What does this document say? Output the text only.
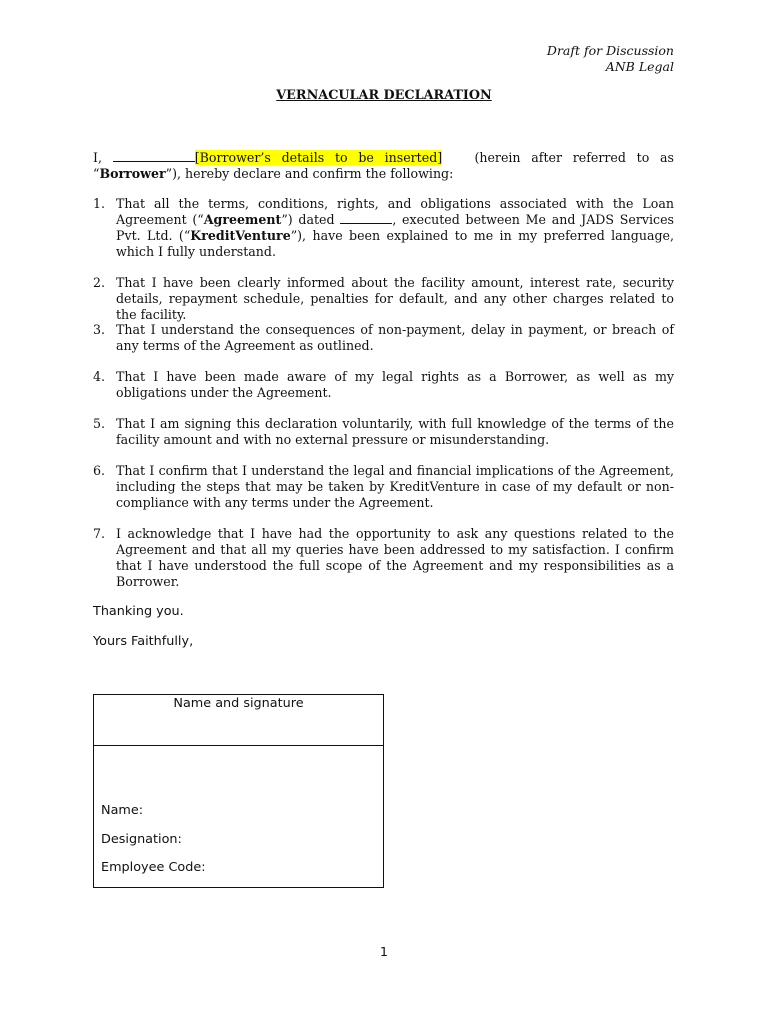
Draft for Discussion
ANB Legal
VERNACULAR DECLARATION
I,	[Borrower’s details to be inserted]	(herein after referred to as “Borrower”), hereby declare and confirm the following:
1. That all the terms, conditions, rights, and obligations associated with the Loan Agreement (“Agreement”) dated	, executed between Me and JADS Services Pvt. Ltd. (“KreditVenture”), have been explained to me in my preferred language, which I fully understand.
2. That I have been clearly informed about the facility amount, interest rate, security details, repayment schedule, penalties for default, and any other charges related to the facility.
3. That I understand the consequences of non-payment, delay in payment, or breach of any terms of the Agreement as outlined.
4. That I have been made aware of my legal rights as a Borrower, as well as my obligations under the Agreement.
5. That I am signing this declaration voluntarily, with full knowledge of the terms of the facility amount and with no external pressure or misunderstanding.
6. That I confirm that I understand the legal and financial implications of the Agreement, including the steps that may be taken by KreditVenture in case of my default or non-compliance with any terms under the Agreement.
7. I acknowledge that I have had the opportunity to ask any questions related to the Agreement and that all my queries have been addressed to my satisfaction. I confirm that I have understood the full scope of the Agreement and my responsibilities as a Borrower.
Thanking you.
Yours Faithfully,
Name and signature
Name:
Designation:
Employee Code:
1
